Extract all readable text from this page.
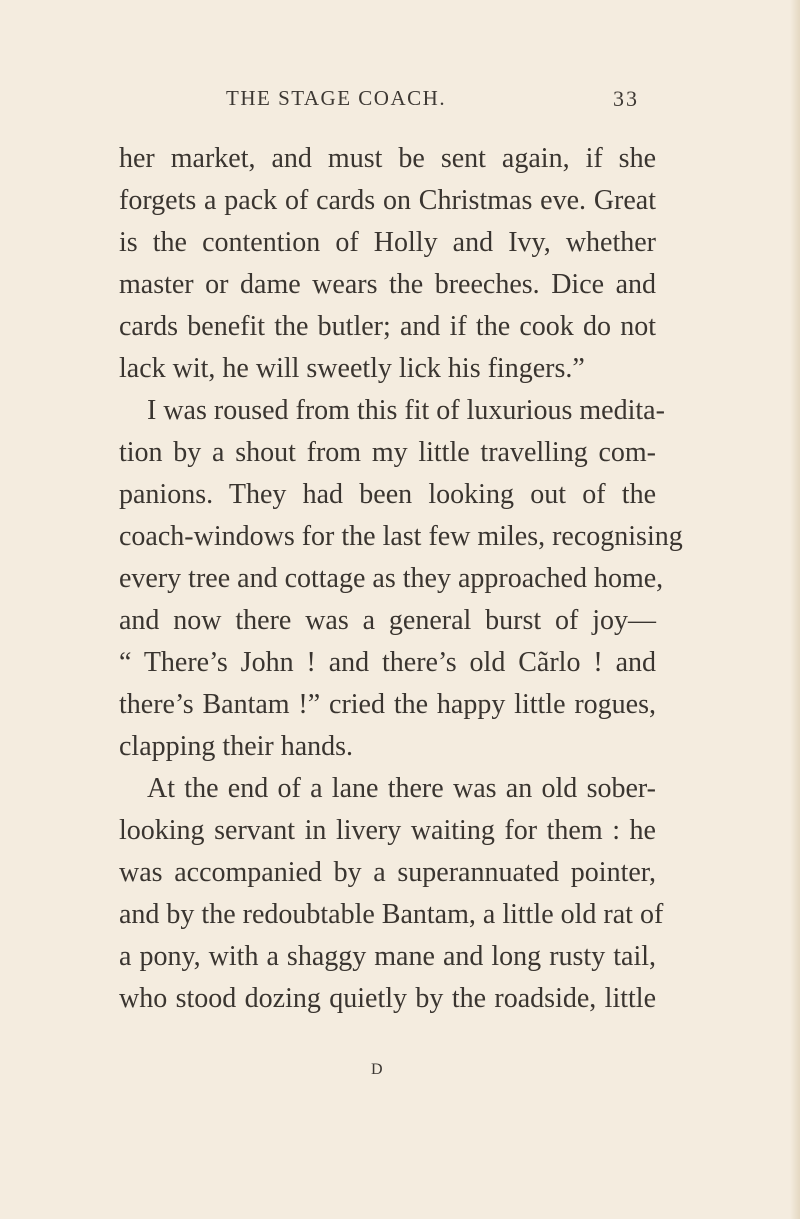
THE STAGE COACH.	33
her market, and must be sent again, if she
forgets a pack of cards on Christmas eve. Great
is the contention of Holly and Ivy, whether
master or dame wears the breeches. Dice and
cards benefit the butler; and if the cook do not
lack wit, he will sweetly lick his fingers.”
I was roused from this fit of luxurious medita-
tion by a shout from my little travelling com-
panions. They had been looking out of the
coach-windows for the last few miles, recognising
every tree and cottage as they approached home,
and now there was a general burst of joy—
“ There’s John ! and there’s old Cãrlo ! and
there’s Bantam !” cried the happy little rogues,
clapping their hands.
At the end of a lane there was an old sober-
looking servant in livery waiting for them : he
was accompanied by a superannuated pointer,
and by the redoubtable Bantam, a little old rat of
a pony, with a shaggy mane and long rusty tail,
who stood dozing quietly by the roadside, little
D
